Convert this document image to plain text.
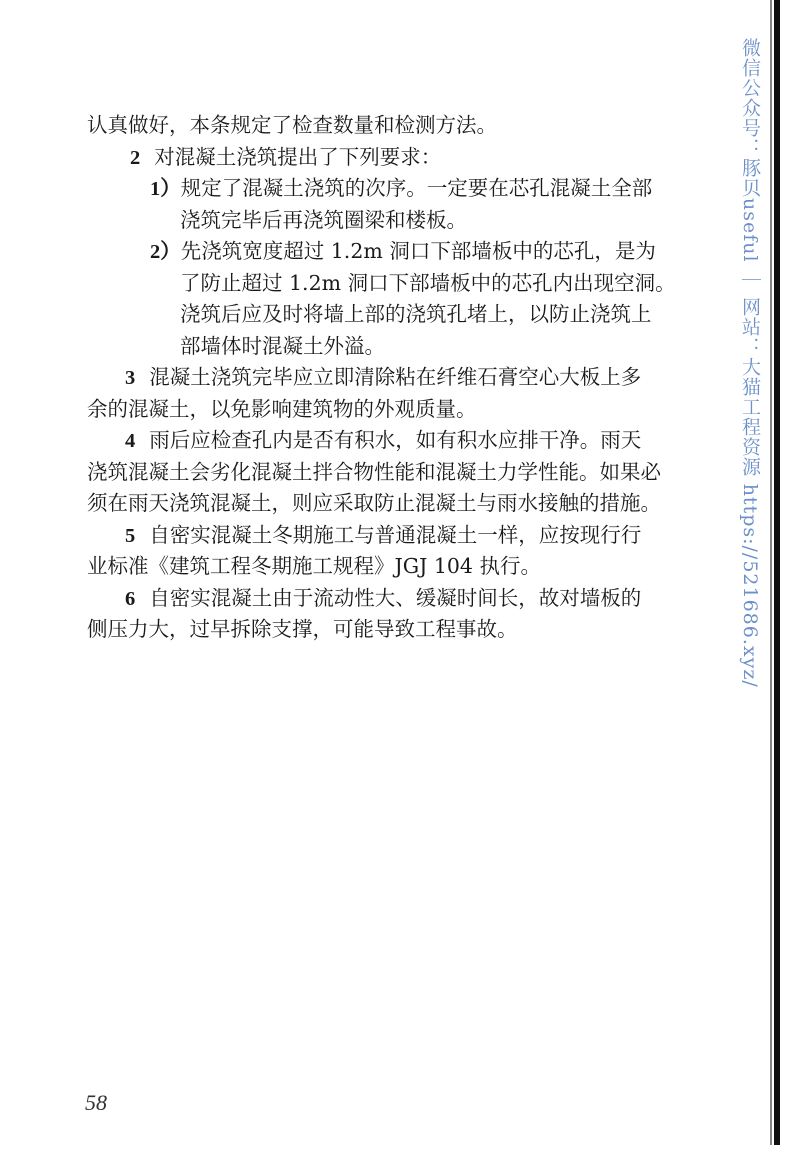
认真做好，本条规定了检查数量和检测方法。
2 对混凝土浇筑提出了下列要求：
1）规定了混凝土浇筑的次序。一定要在芯孔混凝土全部
浇筑完毕后再浇筑圈梁和楼板。
2）先浇筑宽度超过 1.2m 洞口下部墙板中的芯孔，是为
了防止超过 1.2m 洞口下部墙板中的芯孔内出现空洞。
浇筑后应及时将墙上部的浇筑孔堵上，以防止浇筑上
部墙体时混凝土外溢。
3 混凝土浇筑完毕应立即清除粘在纤维石膏空心大板上多
余的混凝土，以免影响建筑物的外观质量。
4 雨后应检查孔内是否有积水，如有积水应排干净。雨天
浇筑混凝土会劣化混凝土拌合物性能和混凝土力学性能。如果必
须在雨天浇筑混凝土，则应采取防止混凝土与雨水接触的措施。
5 自密实混凝土冬期施工与普通混凝土一样，应按现行行
业标准《建筑工程冬期施工规程》JGJ 104 执行。
6 自密实混凝土由于流动性大、缓凝时间长，故对墙板的
侧压力大，过早拆除支撑，可能导致工程事故。
58
微信公众号：豚贝useful ｜ 网站：大猫工程资源 https://521686.xyz/
